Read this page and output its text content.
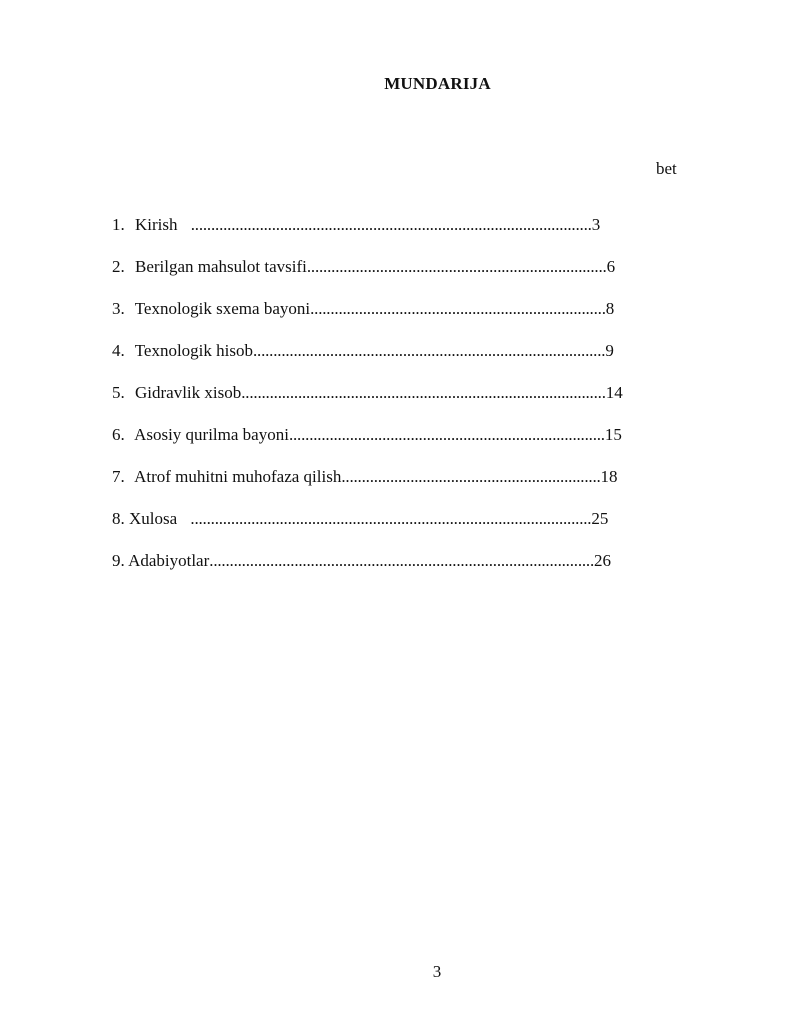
MUNDARIJA
bet
1. Kirish ...................................................................................................3
2. Berilgan mahsulot tavsifi..........................................................................6
3. Texnologik sxema bayoni.........................................................................8
4. Texnologik hisob.......................................................................................9
5. Gidravlik xisob..........................................................................................14
6. Asosiy qurilma bayoni..............................................................................15
7. Atrof muhitni muhofaza qilish................................................................18
8. Xulosa ...................................................................................................25
9. Adabiyotlar...............................................................................................26
3
